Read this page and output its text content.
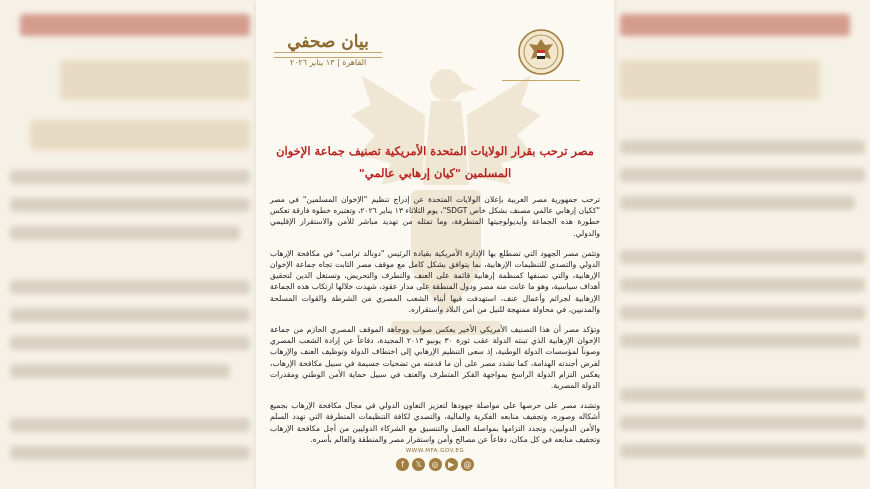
بيان صحفي
القاهرة | ١٣ يناير ٢٠٢٦
مصر ترحب بقرار الولايات المتحدة الأمريكية تصنيف جماعة الإخوان المسلمين "كيان إرهابي عالمي"

ترحب جمهورية مصر العربية بإعلان الولايات المتحدة عن إدراج تنظيم "الإخوان المسلمين" في مصر "ككيان إرهابي عالمي مصنف بشكل خاص SDGT"، يوم الثلاثاء ١٣ يناير ٢٠٢٦، وتعتبره خطوة فارقة تعكس خطورة هذه الجماعة وأيديولوجيتها المتطرفة، وما تمثله من تهديد مباشر للأمن والاستقرار الإقليمي والدولي.

وتثمن مصر الجهود التي تضطلع بها الإدارة الأمريكية بقيادة الرئيس "دونالد ترامب" في مكافحة الإرهاب الدولي والتصدي للتنظيمات الإرهابية، بما يتوافق بشكل كامل مع موقف مصر الثابت تجاه جماعة الإخوان الإرهابية، والتي تصنفها كمنظمة إرهابية قائمة على العنف والتطرف والتحريض، وتستغل الدين لتحقيق أهداف سياسية، وهو ما عانت منه مصر ودول المنطقة على مدار عقود، شهدت خلالها ارتكاب هذه الجماعة الإرهابية لجرائم وأعمال عنف، استهدفت فيها أبناء الشعب المصري من الشرطة والقوات المسلحة والمدنيين، في محاولة ممنهجة للنيل من أمن البلاد واستقراره.

وتؤكد مصر أن هذا التصنيف الأمريكي الأخير يعكس صواب ووجاهة الموقف المصري الحازم من جماعة الإخوان الإرهابية الذي تبنته الدولة عقب ثورة ٣٠ يونيو ٢٠١٣ المجيدة، دفاعاً عن إرادة الشعب المصري وصوناً لمؤسسات الدولة الوطنية، إذ سعى التنظيم الإرهابي إلى اختطاف الدولة وتوظيف العنف والإرهاب لفرض أجندته الهدامة، كما تشدد مصر على أن ما قدمته من تضحيات جسيمة في سبيل مكافحة الإرهاب، يعكس التزام الدولة الراسخ بمواجهة الفكر المتطرف والعنف في سبيل حماية الأمن الوطني ومقدرات الدولة المصرية.

وتشدد مصر على حرصها على مواصلة جهودها لتعزيز التعاون الدولي في مجال مكافحة الإرهاب بجميع أشكاله وصوره، وتجفيف منابعه الفكرية والمالية، والتصدي لكافة التنظيمات المتطرفة التي تهدد السلم والأمن الدوليين، وتجدد التزامها بمواصلة العمل والتنسيق مع الشركاء الدوليين من أجل مكافحة الإرهاب وتجفيف منابعه في كل مكان، دفاعاً عن مصالح وأمن واستقرار مصر والمنطقة والعالم بأسره.

WWW.MFA.GOV.EG
f	𝕏	◎	▶	@
